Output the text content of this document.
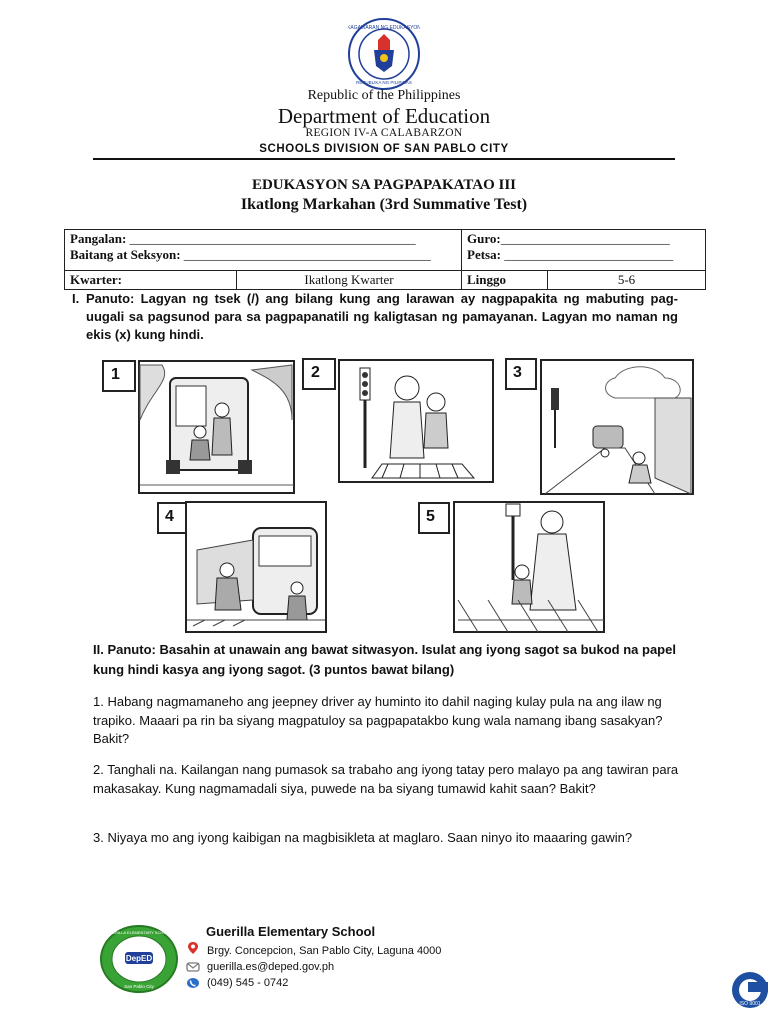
KAGAWARAN NG EDUKASYON
REPUBLIKA NG PILIPINAS
Republic of the Philippines
Department of Education
REGION IV-A CALABARZON
SCHOOLS DIVISION OF SAN PABLO CITY
EDUKASYON SA PAGPAPAKATAO III
Ikatlong Markahan (3rd Summative Test)
Pangalan: ____________________________________________
Baitang at Seksyon: ______________________________________
Guro:__________________________
Petsa: __________________________
Kwarter:	Ikatlong Kwarter	Linggo	5-6
I. Panuto: Lagyan ng tsek (/) ang bilang kung ang larawan ay nagpapakita ng mabuting pag-uugali sa pagsunod para sa pagpapanatili ng kaligtasan ng pamayanan. Lagyan mo naman ng ekis (x) kung hindi.
1	2	3
4	5
II. Panuto: Basahin at unawain ang bawat sitwasyon. Isulat ang iyong sagot sa bukod na papel kung hindi kasya ang iyong sagot. (3 puntos bawat bilang)
1. Habang nagmamaneho ang jeepney driver ay huminto ito dahil naging kulay pula na ang ilaw ng trapiko. Maaari pa rin ba siyang magpatuloy sa pagpapatakbo kung wala namang ibang sasakyan? Bakit?
2. Tanghali na. Kailangan nang pumasok sa trabaho ang iyong tatay pero malayo pa ang tawiran para makasakay. Kung nagmamadali siya, puwede na ba siyang tumawid kahit saan? Bakit?
3. Niyaya mo ang iyong kaibigan na magbisikleta at maglaro. Saan ninyo ito maaaring gawin?
DepED
GUERILLA ELEMENTARY SCHOOL
San Pablo City
Guerilla Elementary School
Brgy. Concepcion, San Pablo City, Laguna 4000
guerilla.es@deped.gov.ph
(049) 545 - 0742
ISO 9001
